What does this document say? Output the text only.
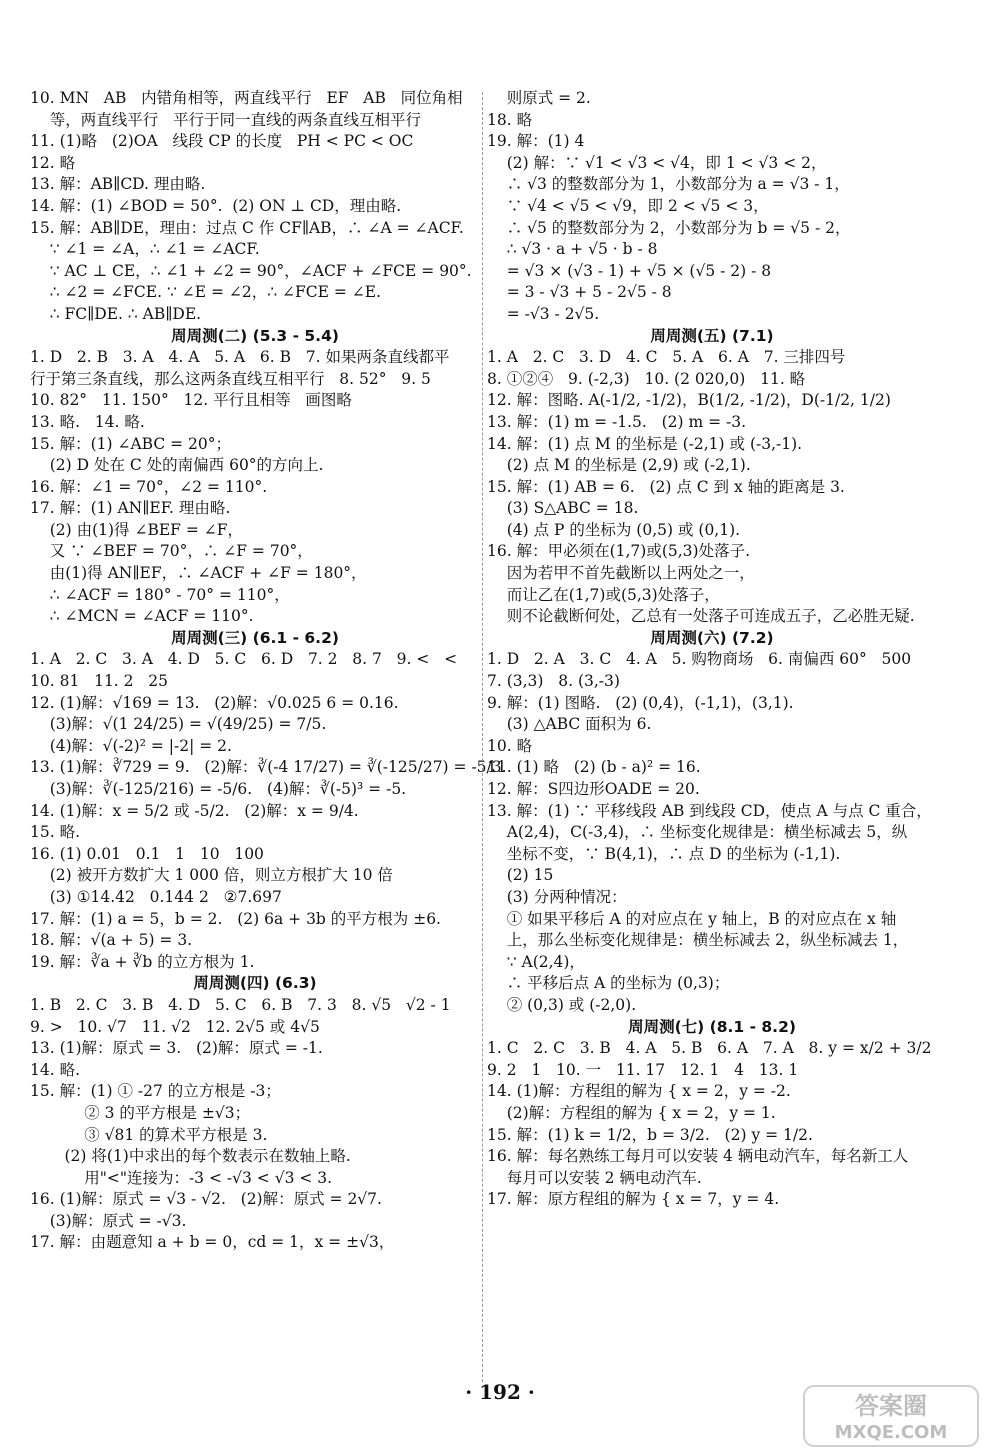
10. MN   AB   内错角相等，两直线平行   EF   AB   同位角相
等，两直线平行   平行于同一直线的两条直线互相平行
11. (1)略   (2)OA   线段 CP 的长度   PH < PC < OC
12. 略
13. 解：AB∥CD. 理由略.
14. 解：(1) ∠BOD = 50°.  (2) ON ⊥ CD，理由略.
15. 解：AB∥DE，理由：过点 C 作 CF∥AB，∴ ∠A = ∠ACF.
∵ ∠1 = ∠A，∴ ∠1 = ∠ACF.
∵ AC ⊥ CE，∴ ∠1 + ∠2 = 90°，∠ACF + ∠FCE = 90°.
∴ ∠2 = ∠FCE. ∵ ∠E = ∠2，∴ ∠FCE = ∠E.
∴ FC∥DE. ∴ AB∥DE.
周周测(二) (5.3 - 5.4)
1. D   2. B   3. A   4. A   5. A   6. B   7. 如果两条直线都平
行于第三条直线，那么这两条直线互相平行   8. 52°   9. 5
10. 82°   11. 150°   12. 平行且相等   画图略
13. 略.   14. 略.
15. 解：(1) ∠ABC = 20°；
(2) D 处在 C 处的南偏西 60°的方向上.
16. 解：∠1 = 70°，∠2 = 110°.
17. 解：(1) AN∥EF. 理由略.
(2) 由(1)得 ∠BEF = ∠F，
又 ∵ ∠BEF = 70°，∴ ∠F = 70°，
由(1)得 AN∥EF，∴ ∠ACF + ∠F = 180°，
∴ ∠ACF = 180° - 70° = 110°，
∴ ∠MCN = ∠ACF = 110°.
周周测(三) (6.1 - 6.2)
1. A   2. C   3. A   4. D   5. C   6. D   7. 2   8. 7   9. <   <
10. 81   11. 2   25
12. (1)解：√169 = 13.   (2)解：√0.025 6 = 0.16.
(3)解：√(1 24/25) = √(49/25) = 7/5.
(4)解：√(-2)² = |-2| = 2.
13. (1)解：∛729 = 9.   (2)解：∛(-4 17/27) = ∛(-125/27) = -5/3.
(3)解：∛(-125/216) = -5/6.   (4)解：∛(-5)³ = -5.
14. (1)解：x = 5/2 或 -5/2.   (2)解：x = 9/4.
15. 略.
16. (1) 0.01   0.1   1   10   100
(2) 被开方数扩大 1 000 倍，则立方根扩大 10 倍
(3) ①14.42   0.144 2   ②7.697
17. 解：(1) a = 5，b = 2.   (2) 6a + 3b 的平方根为 ±6.
18. 解：√(a + 5) = 3.
19. 解：∛a + ∛b 的立方根为 1.
周周测(四) (6.3)
1. B   2. C   3. B   4. D   5. C   6. B   7. 3   8. √5   √2 - 1
9. >   10. √7   11. √2   12. 2√5 或 4√5
13. (1)解：原式 = 3.   (2)解：原式 = -1.
14. 略.
15. 解：(1) ① -27 的立方根是 -3；
② 3 的平方根是 ±√3；
③ √81 的算术平方根是 3.
(2) 将(1)中求出的每个数表示在数轴上略.
用"<"连接为：-3 < -√3 < √3 < 3.
16. (1)解：原式 = √3 - √2.   (2)解：原式 = 2√7.
(3)解：原式 = -√3.
17. 解：由题意知 a + b = 0，cd = 1，x = ±√3，
则原式 = 2.
18. 略
19. 解：(1) 4
(2) 解：∵ √1 < √3 < √4，即 1 < √3 < 2，
∴ √3 的整数部分为 1，小数部分为 a = √3 - 1，
∵ √4 < √5 < √9，即 2 < √5 < 3，
∴ √5 的整数部分为 2，小数部分为 b = √5 - 2，
∴ √3 · a + √5 · b - 8
= √3 × (√3 - 1) + √5 × (√5 - 2) - 8
= 3 - √3 + 5 - 2√5 - 8
= -√3 - 2√5.
周周测(五) (7.1)
1. A   2. C   3. D   4. C   5. A   6. A   7. 三排四号
8. ①②④   9. (-2,3)   10. (2 020,0)   11. 略
12. 解：图略. A(-1/2, -1/2)，B(1/2, -1/2)，D(-1/2, 1/2)
13. 解：(1) m = -1.5.   (2) m = -3.
14. 解：(1) 点 M 的坐标是 (-2,1) 或 (-3,-1).
(2) 点 M 的坐标是 (2,9) 或 (-2,1).
15. 解：(1) AB = 6.   (2) 点 C 到 x 轴的距离是 3.
(3) S△ABC = 18.
(4) 点 P 的坐标为 (0,5) 或 (0,1).
16. 解：甲必须在(1,7)或(5,3)处落子.
因为若甲不首先截断以上两处之一，
而让乙在(1,7)或(5,3)处落子，
则不论截断何处，乙总有一处落子可连成五子，乙必胜无疑.
周周测(六) (7.2)
1. D   2. A   3. C   4. A   5. 购物商场   6. 南偏西 60°   500
7. (3,3)   8. (3,-3)
9. 解：(1) 图略.   (2) (0,4)，(-1,1)，(3,1).
(3) △ABC 面积为 6.
10. 略
11. (1) 略   (2) (b - a)² = 16.
12. 解：S四边形OADE = 20.
13. 解：(1) ∵ 平移线段 AB 到线段 CD，使点 A 与点 C 重合，
A(2,4)，C(-3,4)，∴ 坐标变化规律是：横坐标减去 5，纵
坐标不变，∵ B(4,1)，∴ 点 D 的坐标为 (-1,1).
(2) 15
(3) 分两种情况：
① 如果平移后 A 的对应点在 y 轴上，B 的对应点在 x 轴
上，那么坐标变化规律是：横坐标减去 2，纵坐标减去 1，
∵ A(2,4)，
∴ 平移后点 A 的坐标为 (0,3)；
② (0,3) 或 (-2,0).
周周测(七) (8.1 - 8.2)
1. C   2. C   3. B   4. A   5. B   6. A   7. A   8. y = x/2 + 3/2
9. 2   1   10. 一   11. 17   12. 1   4   13. 1
14. (1)解：方程组的解为 { x = 2，y = -2.
(2)解：方程组的解为 { x = 2，y = 1.
15. 解：(1) k = 1/2，b = 3/2.   (2) y = 1/2.
16. 解：每名熟练工每月可以安装 4 辆电动汽车，每名新工人
每月可以安装 2 辆电动汽车.
17. 解：原方程组的解为 { x = 7，y = 4.
· 192 ·	答案圈
MXQE.COM
